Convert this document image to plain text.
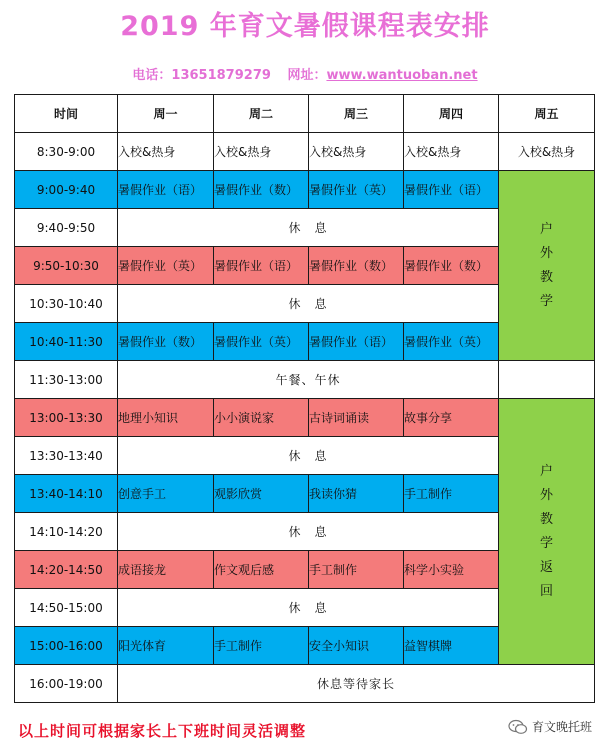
2019 年育文暑假课程表安排
电话：13651879279 网址：www.wantuoban.net
时间	周一	周二	周三	周四	周五
8:30-9:00	入校&热身	入校&热身	入校&热身	入校&热身	入校&热身
9:00-9:40	暑假作业（语）	暑假作业（数）	暑假作业（英）	暑假作业（语）	户外教学
9:40-9:50	休　息				
9:50-10:30	暑假作业（英）	暑假作业（语）	暑假作业（数）	暑假作业（数）	
10:30-10:40	休　息				
10:40-11:30	暑假作业（数）	暑假作业（英）	暑假作业（语）	暑假作业（英）	
11:30-13:00	午餐、午休				
13:00-13:30	地理小知识	小小演说家	古诗词诵读	故事分享	户外教学返回
13:30-13:40	休　息				
13:40-14:10	创意手工	观影欣赏	我读你猜	手工制作	
14:10-14:20	休　息				
14:20-14:50	成语接龙	作文观后感	手工制作	科学小实验	
14:50-15:00	休　息				
15:00-16:00	阳光体育	手工制作	安全小知识	益智棋牌	
16:00-19:00	休息等待家长				
以上时间可根据家长上下班时间灵活调整	育文晚托班
